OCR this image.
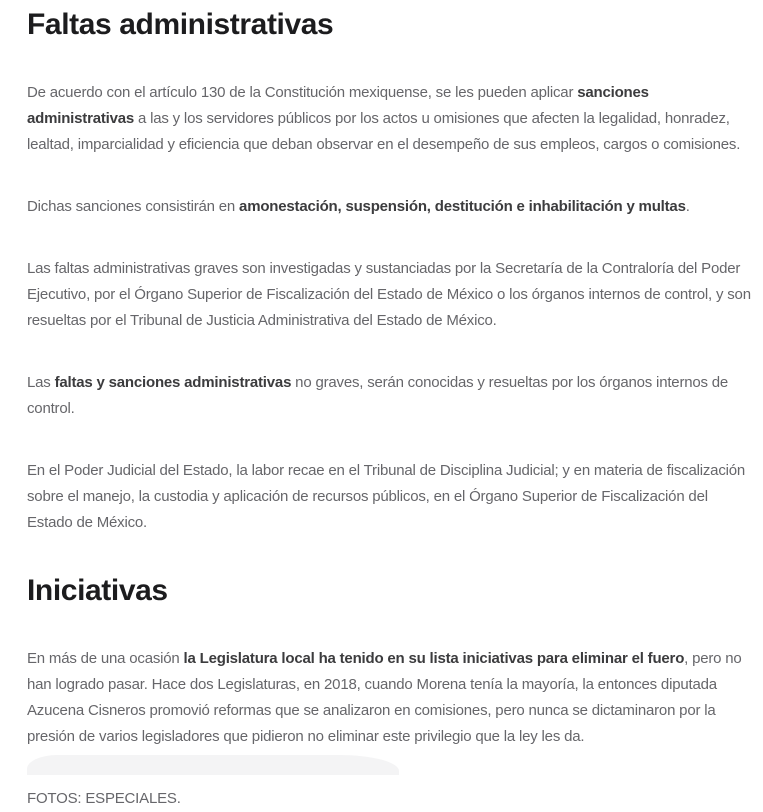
Faltas administrativas

De acuerdo con el artículo 130 de la Constitución mexiquense, se les pueden aplicar sanciones administrativas a las y los servidores públicos por los actos u omisiones que afecten la legalidad, honradez, lealtad, imparcialidad y eficiencia que deban observar en el desempeño de sus empleos, cargos o comisiones.

Dichas sanciones consistirán en amonestación, suspensión, destitución e inhabilitación y multas.

Las faltas administrativas graves son investigadas y sustanciadas por la Secretaría de la Contraloría del Poder Ejecutivo, por el Órgano Superior de Fiscalización del Estado de México o los órganos internos de control, y son resueltas por el Tribunal de Justicia Administrativa del Estado de México.

Las faltas y sanciones administrativas no graves, serán conocidas y resueltas por los órganos internos de control.

En el Poder Judicial del Estado, la labor recae en el Tribunal de Disciplina Judicial; y en materia de fiscalización sobre el manejo, la custodia y aplicación de recursos públicos, en el Órgano Superior de Fiscalización del Estado de México.

Iniciativas

En más de una ocasión la Legislatura local ha tenido en su lista iniciativas para eliminar el fuero, pero no han logrado pasar. Hace dos Legislaturas, en 2018, cuando Morena tenía la mayoría, la entonces diputada Azucena Cisneros promovió reformas que se analizaron en comisiones, pero nunca se dictaminaron por la presión de varios legisladores que pidieron no eliminar este privilegio que la ley les da.

FOTOS: ESPECIALES.
